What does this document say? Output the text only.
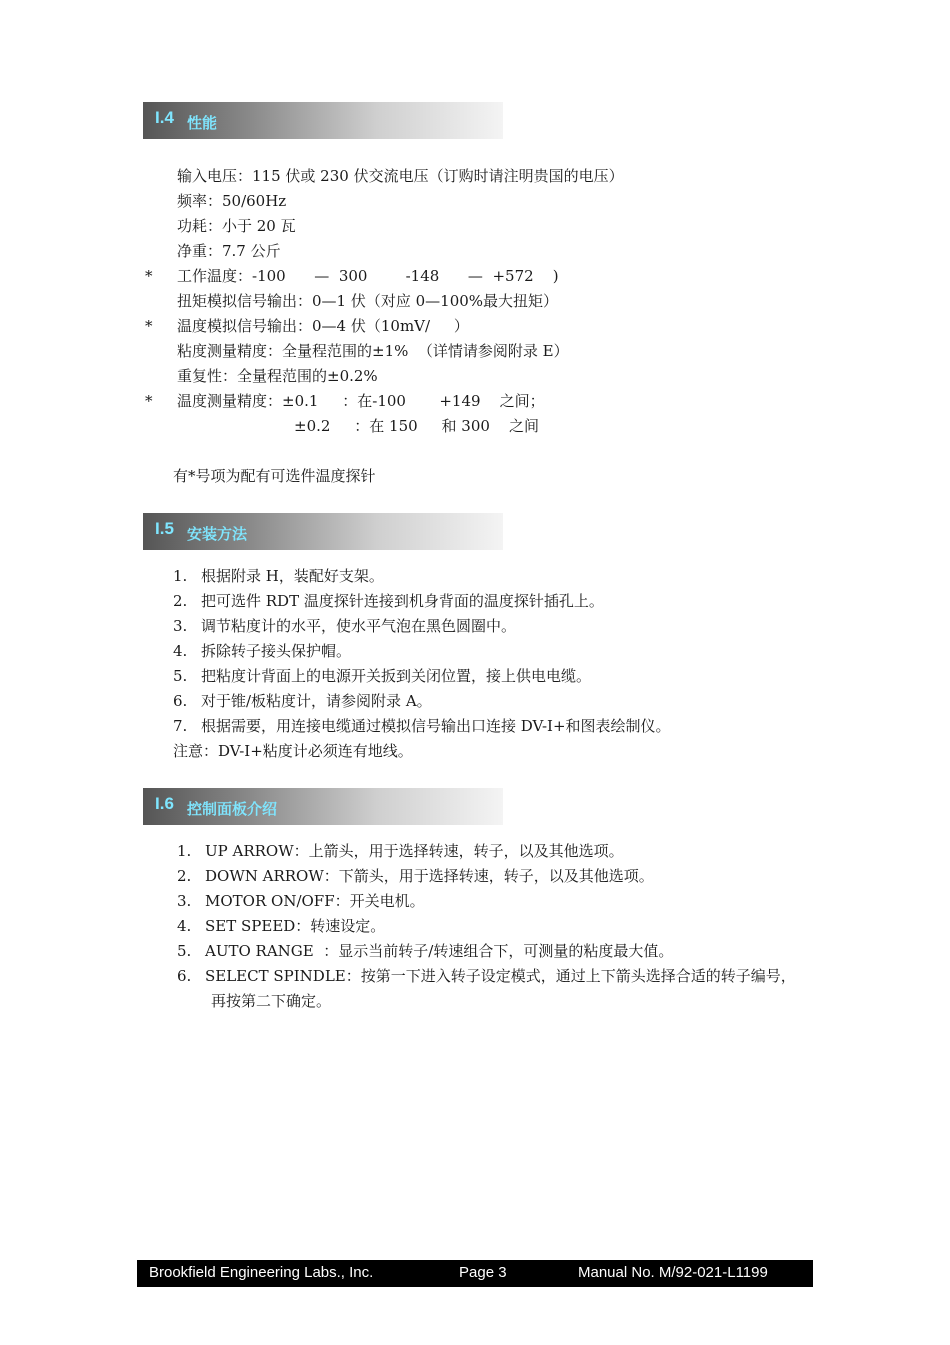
I.4 性能
输入电压：115 伏或 230 伏交流电压（订购时请注明贵国的电压）
频率：50/60Hz
功耗：小于 20 瓦
净重：7.7 公斤
* 工作温度：-100      —  300        -148      —  +572    )
扭矩模拟信号输出：0—1 伏（对应 0—100%最大扭矩）
* 温度模拟信号输出：0—4 伏（10mV/     ）
粘度测量精度：全量程范围的±1%  （详情请参阅附录 E）
重复性：全量程范围的±0.2%
* 温度测量精度：±0.1     ：在-100       +149    之间；
±0.2     ：在 150     和 300    之间
有*号项为配有可选件温度探针
I.5 安装方法
1. 根据附录 H，装配好支架。
2. 把可选件 RDT 温度探针连接到机身背面的温度探针插孔上。
3. 调节粘度计的水平，使水平气泡在黑色圆圈中。
4. 拆除转子接头保护帽。
5. 把粘度计背面上的电源开关扳到关闭位置，接上供电电缆。
6. 对于锥/板粘度计，请参阅附录 A。
7. 根据需要，用连接电缆通过模拟信号输出口连接 DV-I+和图表绘制仪。
注意：DV-I+粘度计必须连有地线。
I.6 控制面板介绍
1. UP ARROW：上箭头，用于选择转速，转子，以及其他选项。
2. DOWN ARROW：下箭头，用于选择转速，转子，以及其他选项。
3. MOTOR ON/OFF：开关电机。
4. SET SPEED：转速设定。
5. AUTO RANGE  ：显示当前转子/转速组合下，可测量的粘度最大值。
6. SELECT SPINDLE：按第一下进入转子设定模式，通过上下箭头选择合适的转子编号，
再按第二下确定。
Brookfield Engineering Labs., Inc.	Page 3	Manual No. M/92-021-L1199
